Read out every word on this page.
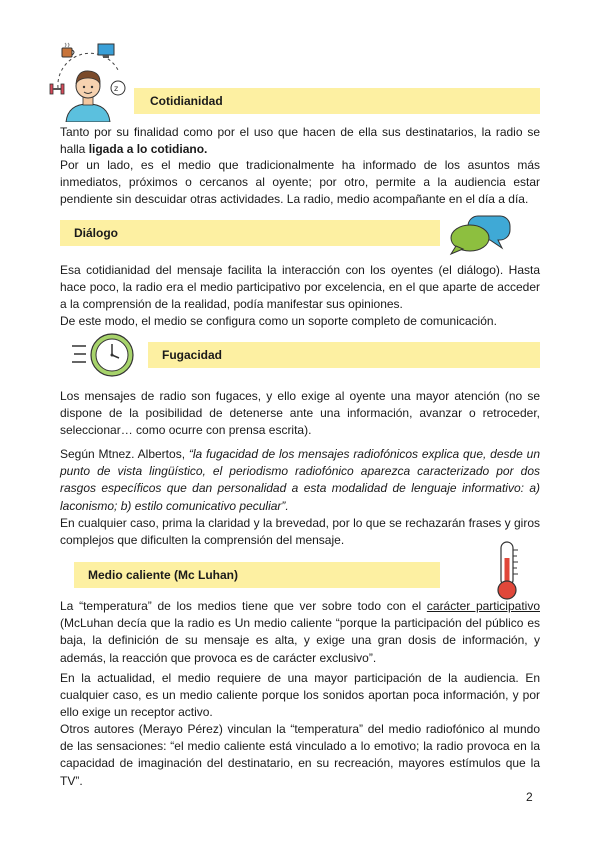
z
Cotidianidad
Tanto por su finalidad como por el uso que hacen de ella sus destinatarios, la radio se halla ligada a lo cotidiano.
Por un lado, es el medio que tradicionalmente ha informado de los asuntos más inmediatos, próximos o cercanos al oyente; por otro, permite a la audiencia estar pendiente sin descuidar otras actividades. La radio, medio acompañante en el día a día.
Diálogo
Esa cotidianidad del mensaje facilita la interacción con los oyentes (el diálogo). Hasta hace poco, la radio era el medio participativo por excelencia, en el que aparte de acceder a la comprensión de la realidad, podía manifestar sus opiniones.
De este modo, el medio se configura como un soporte completo de comunicación.
Fugacidad
Los mensajes de radio son fugaces, y ello exige al oyente una mayor atención (no se dispone de la posibilidad de detenerse ante una información, avanzar o retroceder, seleccionar… como ocurre con prensa escrita).
Según Mtnez. Albertos, “la fugacidad de los mensajes radiofónicos explica que, desde un punto de vista lingüístico, el periodismo radiofónico aparezca caracterizado por dos rasgos específicos que dan personalidad a esta modalidad de lenguaje informativo: a) laconismo; b) estilo comunicativo peculiar”.
En cualquier caso, prima la claridad y la brevedad, por lo que se rechazarán frases y giros complejos que dificulten la comprensión del mensaje.
Medio caliente (Mc Luhan)
La “temperatura” de los medios tiene que ver sobre todo con el carácter participativo (McLuhan decía que la radio es Un medio caliente “porque la participación del público es baja, la definición de su mensaje es alta, y exige una gran dosis de información, y además, la reacción que provoca es de carácter exclusivo”.
En la actualidad, el medio requiere de una mayor participación de la audiencia. En cualquier caso, es un medio caliente porque los sonidos aportan poca información, y por ello exige un receptor activo.
Otros autores (Merayo Pérez) vinculan la “temperatura” del medio radiofónico al mundo de las sensaciones: “el medio caliente está vinculado a lo emotivo; la radio provoca en la capacidad de imaginación del destinatario, en su recreación, mayores estímulos que la TV”.
2
